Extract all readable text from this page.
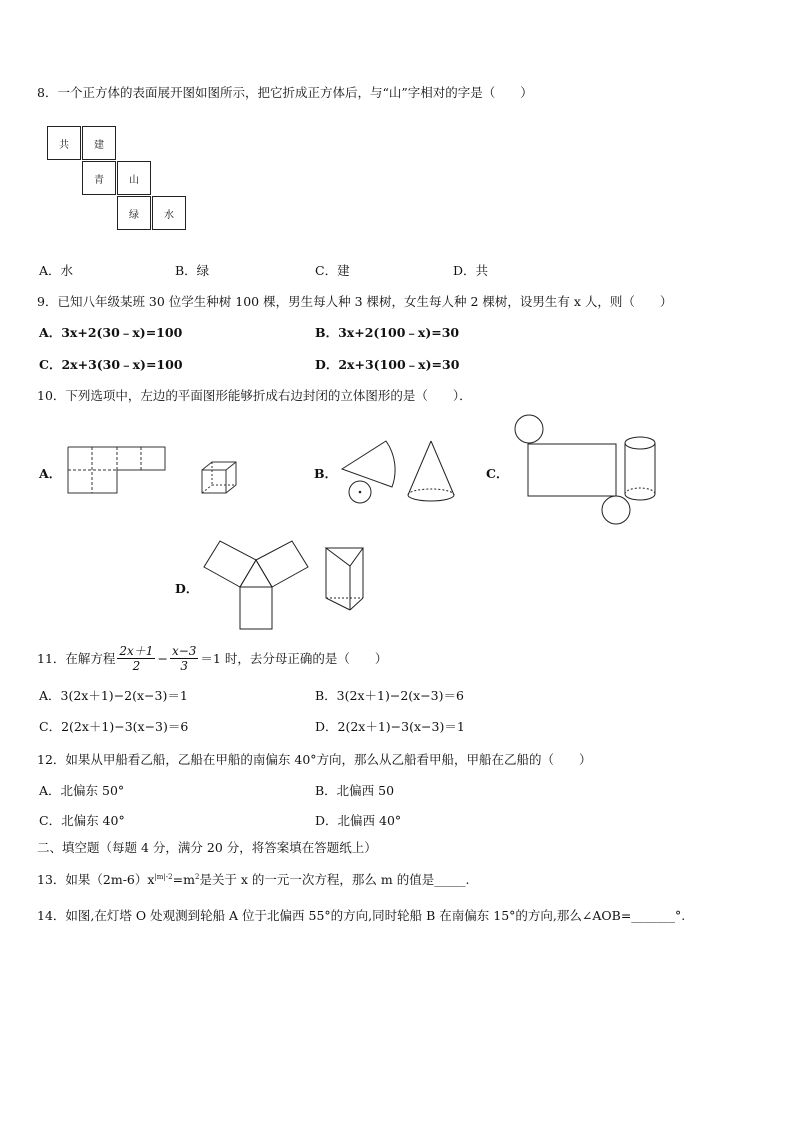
8．一个正方体的表面展开图如图所示，把它折成正方体后，与“山”字相对的字是（　　）
共	建
青	山
绿	水
A．水	B．绿	C．建	D．共
9．已知八年级某班 30 位学生种树 100 棵，男生每人种 3 棵树，女生每人种 2 棵树，设男生有 x 人，则（　　）
A．3x+2(30﹣x)=100	B．3x+2(100﹣x)=30
C．2x+3(30﹣x)=100	D．2x+3(100﹣x)=30
10．下列选项中，左边的平面图形能够折成右边封闭的立体图形的是（　　）．
A．	B．	C．
D．
11．在解方程 $\frac{2x+1}{2} - \frac{x-3}{3} =1$ 时，去分母正确的是（　　）
A．3(2x＋1)−2(x−3)＝1	B．3(2x＋1)−2(x−3)＝6
C．2(2x＋1)−3(x−3)＝6	D．2(2x＋1)−3(x−3)＝1
12．如果从甲船看乙船，乙船在甲船的南偏东 40°方向，那么从乙船看甲船，甲船在乙船的（　　）
A．北偏东 50°	B．北偏西 50
C．北偏东 40°	D．北偏西 40°
二、填空题（每题 4 分，满分 20 分，将答案填在答题纸上）
13．如果$(2m-6)x^{|m|-2}=m^2$是关于 x 的一元一次方程，那么 m 的值是_____.
14．如图,在灯塔 O 处观测到轮船 A 位于北偏西 55°的方向,同时轮船 B 在南偏东 15°的方向,那么∠AOB=_______°.
